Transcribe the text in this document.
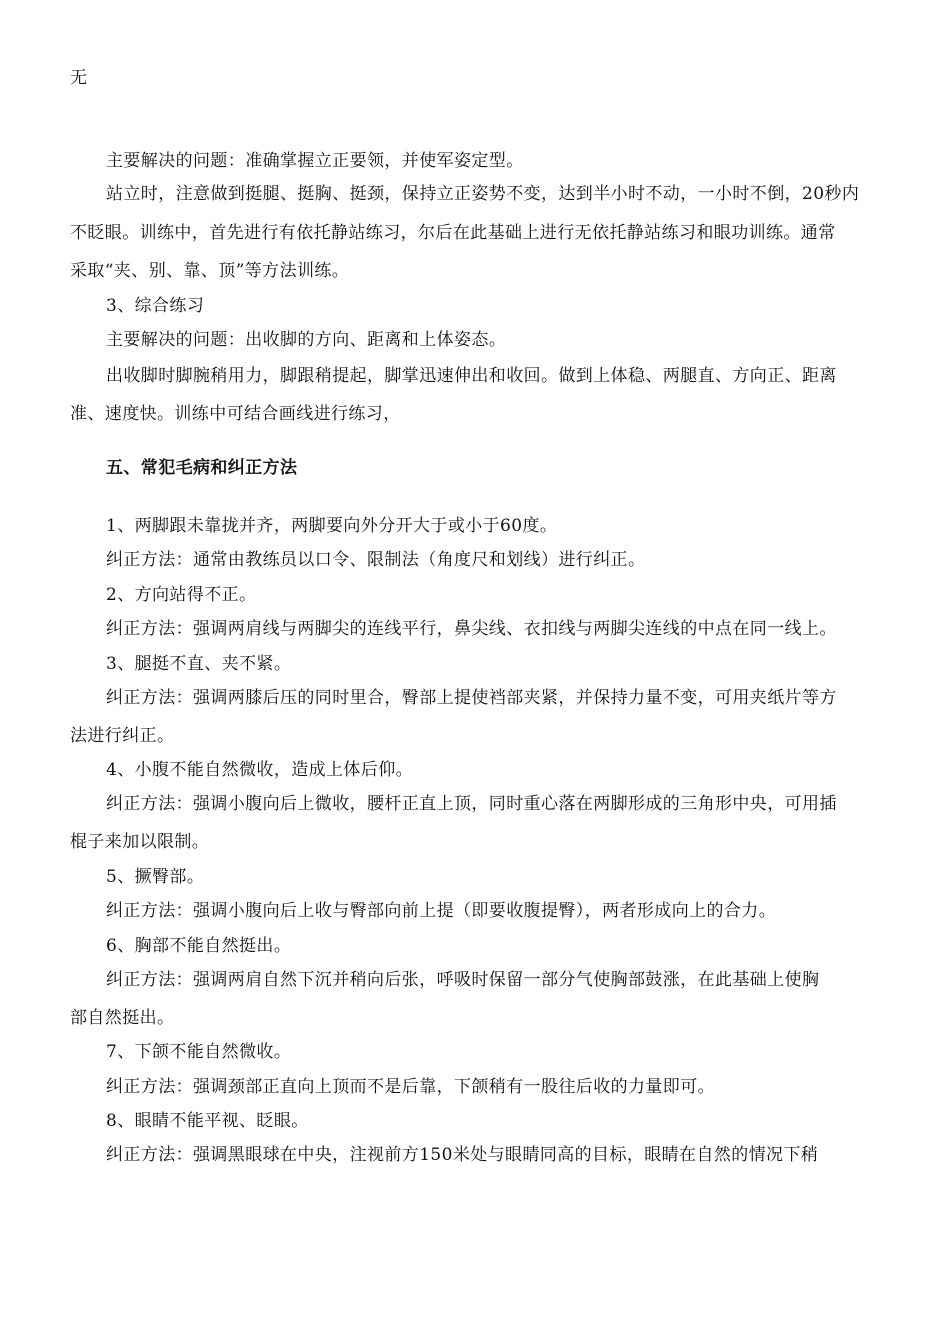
无
主要解决的问题：准确掌握立正要领，并使军姿定型。
站立时，注意做到挺腿、挺胸、挺颈，保持立正姿势不变，达到半小时不动，一小时不倒，20秒内
不眨眼。训练中，首先进行有依托静站练习，尔后在此基础上进行无依托静站练习和眼功训练。通常
采取“夹、别、靠、顶”等方法训练。
3、综合练习
主要解决的问题：出收脚的方向、距离和上体姿态。
出收脚时脚腕稍用力，脚跟稍提起，脚掌迅速伸出和收回。做到上体稳、两腿直、方向正、距离
准、速度快。训练中可结合画线进行练习，
五、常犯毛病和纠正方法
1、两脚跟未靠拢并齐，两脚要向外分开大于或小于60度。
纠正方法：通常由教练员以口令、限制法（角度尺和划线）进行纠正。
2、方向站得不正。
纠正方法：强调两肩线与两脚尖的连线平行，鼻尖线、衣扣线与两脚尖连线的中点在同一线上。
3、腿挺不直、夹不紧。
纠正方法：强调两膝后压的同时里合，臀部上提使裆部夹紧，并保持力量不变，可用夹纸片等方
法进行纠正。
4、小腹不能自然微收，造成上体后仰。
纠正方法：强调小腹向后上微收，腰杆正直上顶，同时重心落在两脚形成的三角形中央，可用插
棍子来加以限制。
5、撅臀部。
纠正方法：强调小腹向后上收与臀部向前上提（即要收腹提臀），两者形成向上的合力。
6、胸部不能自然挺出。
纠正方法：强调两肩自然下沉并稍向后张，呼吸时保留一部分气使胸部鼓涨，在此基础上使胸
部自然挺出。
7、下颌不能自然微收。
纠正方法：强调颈部正直向上顶而不是后靠，下颌稍有一股往后收的力量即可。
8、眼睛不能平视、眨眼。
纠正方法：强调黑眼球在中央，注视前方150米处与眼睛同高的目标，眼睛在自然的情况下稍
